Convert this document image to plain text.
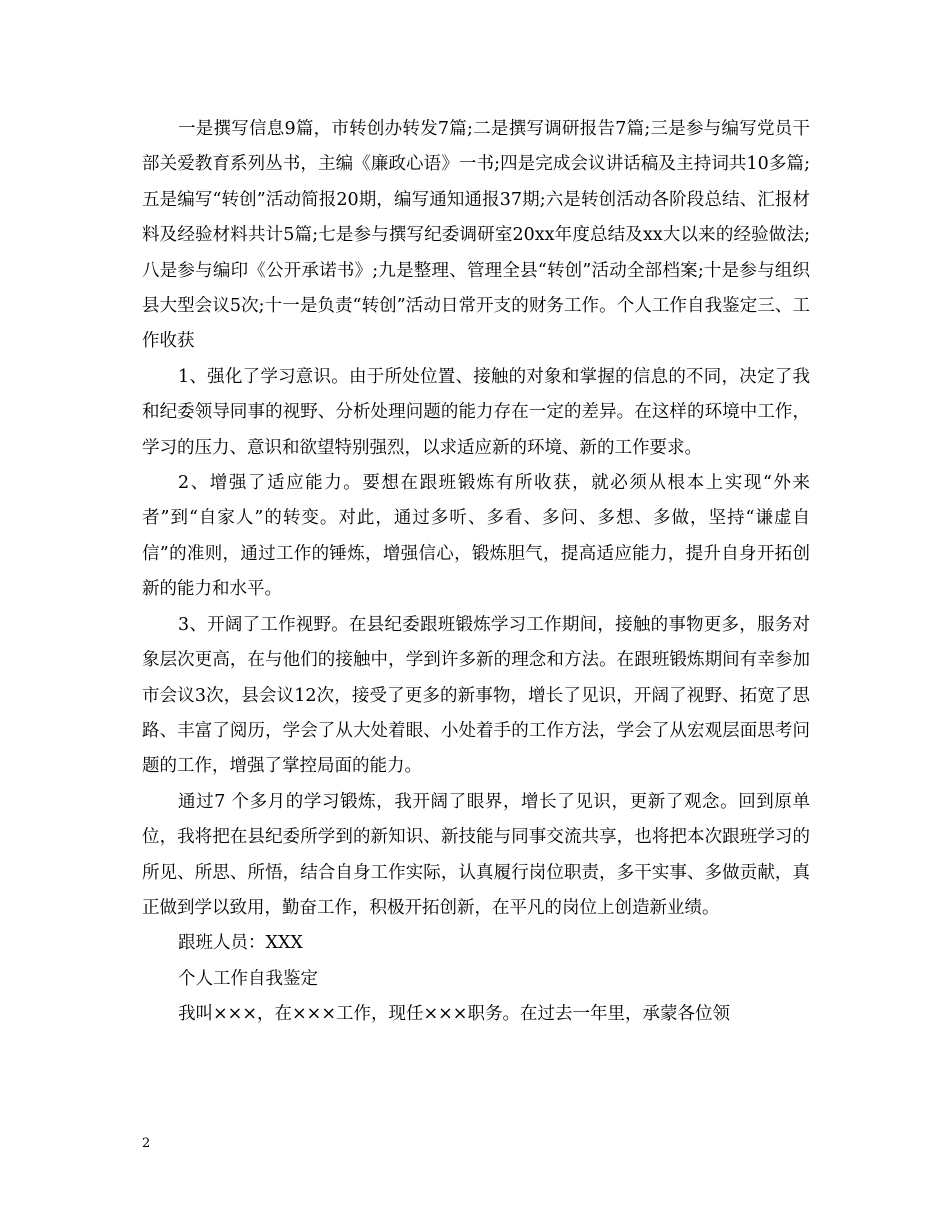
一是撰写信息9篇，市转创办转发7篇;二是撰写调研报告7篇;三是参与编写党员干部关爱教育系列丛书，主编《廉政心语》一书;四是完成会议讲话稿及主持词共10多篇;五是编写“转创”活动简报20期，编写通知通报37期;六是转创活动各阶段总结、汇报材料及经验材料共计5篇;七是参与撰写纪委调研室20xx年度总结及xx大以来的经验做法;八是参与编印《公开承诺书》;九是整理、管理全县“转创”活动全部档案;十是参与组织县大型会议5次;十一是负责“转创”活动日常开支的财务工作。个人工作自我鉴定三、工作收获

1、强化了学习意识。由于所处位置、接触的对象和掌握的信息的不同，决定了我和纪委领导同事的视野、分析处理问题的能力存在一定的差异。在这样的环境中工作，学习的压力、意识和欲望特别强烈，以求适应新的环境、新的工作要求。

2、增强了适应能力。要想在跟班锻炼有所收获，就必须从根本上实现“外来者”到“自家人”的转变。对此，通过多听、多看、多问、多想、多做，坚持“谦虚自信”的准则，通过工作的锤炼，增强信心，锻炼胆气，提高适应能力，提升自身开拓创新的能力和水平。

3、开阔了工作视野。在县纪委跟班锻炼学习工作期间，接触的事物更多，服务对象层次更高，在与他们的接触中，学到许多新的理念和方法。在跟班锻炼期间有幸参加市会议3次，县会议12次，接受了更多的新事物，增长了见识，开阔了视野、拓宽了思路、丰富了阅历，学会了从大处着眼、小处着手的工作方法，学会了从宏观层面思考问题的工作，增强了掌控局面的能力。

通过7 个多月的学习锻炼，我开阔了眼界，增长了见识，更新了观念。回到原单位，我将把在县纪委所学到的新知识、新技能与同事交流共享，也将把本次跟班学习的所见、所思、所悟，结合自身工作实际，认真履行岗位职责，多干实事、多做贡献，真正做到学以致用，勤奋工作，积极开拓创新，在平凡的岗位上创造新业绩。

跟班人员：XXX

个人工作自我鉴定

我叫×××，在×××工作，现任×××职务。在过去一年里，承蒙各位领

2
